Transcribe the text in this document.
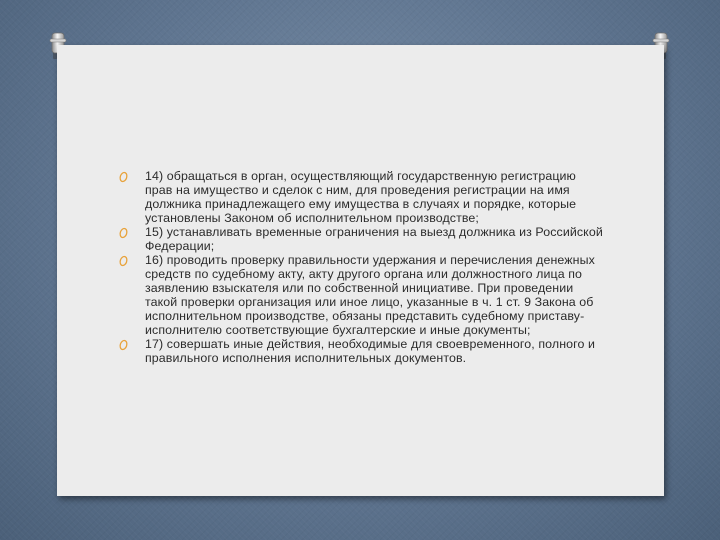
14) обращаться в орган, осуществляющий государственную регистрацию прав на имущество и сделок с ним, для проведения регистрации на имя должника принадлежащего ему имущества в случаях и порядке, которые установлены Законом об исполнительном производстве;
15) устанавливать временные ограничения на выезд должника из Российской Федерации;
16) проводить проверку правильности удержания и перечисления денежных средств по судебному акту, акту другого органа или должностного лица по заявлению взыскателя или по собственной инициативе. При проведении такой проверки организация или иное лицо, указанные в ч. 1 ст. 9 Закона об исполнительном производстве, обязаны представить судебному приставу-исполнителю соответствующие бухгалтерские и иные документы;
17) совершать иные действия, необходимые для своевременного, полного и правильного исполнения исполнительных документов.
